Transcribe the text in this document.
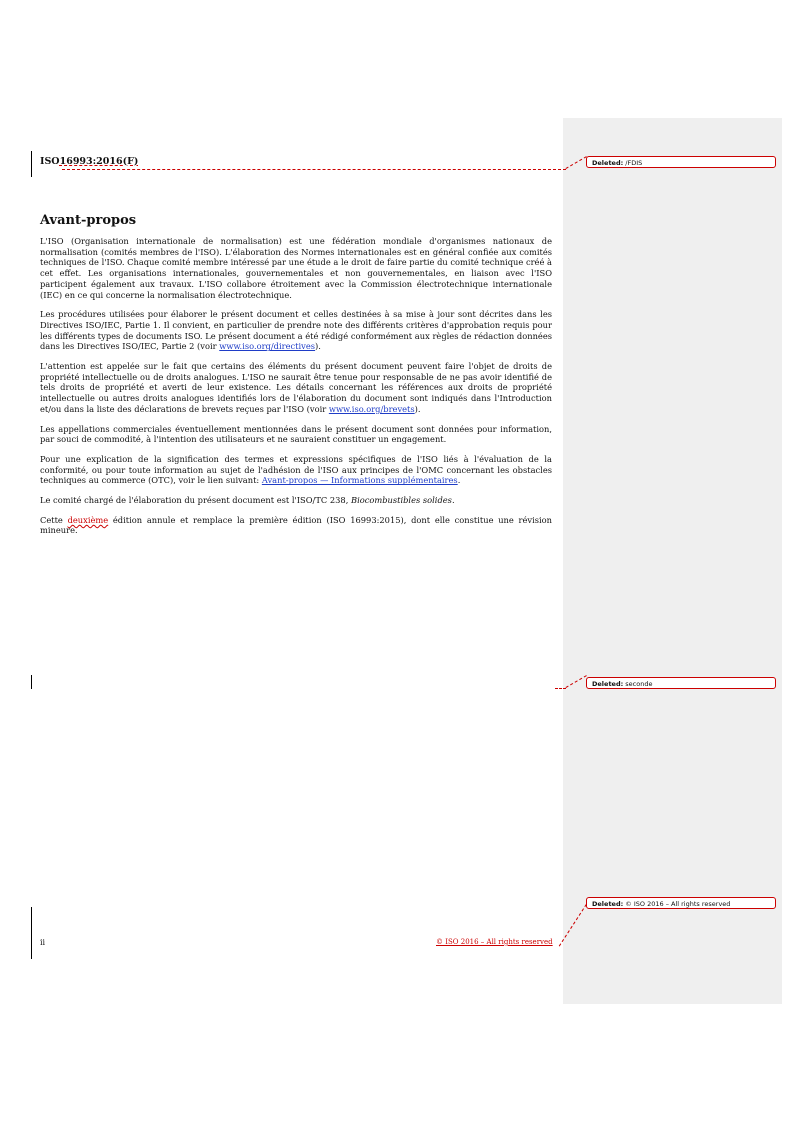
ISO16993:2016(F)	Deleted: /FDIS
Avant-propos

L'ISO (Organisation internationale de normalisation) est une fédération mondiale d'organismes nationaux de normalisation (comités membres de l'ISO). L'élaboration des Normes internationales est en général confiée aux comités techniques de l'ISO. Chaque comité membre intéressé par une étude a le droit de faire partie du comité technique créé à cet effet. Les organisations internationales, gouvernementales et non gouvernementales, en liaison avec l'ISO participent également aux travaux. L'ISO collabore étroitement avec la Commission électrotechnique internationale (IEC) en ce qui concerne la normalisation électrotechnique.

Les procédures utilisées pour élaborer le présent document et celles destinées à sa mise à jour sont décrites dans les Directives ISO/IEC, Partie 1. Il convient, en particulier de prendre note des différents critères d'approbation requis pour les différents types de documents ISO. Le présent document a été rédigé conformément aux règles de rédaction données dans les Directives ISO/IEC, Partie 2 (voir www.iso.org/directives).

L'attention est appelée sur le fait que certains des éléments du présent document peuvent faire l'objet de droits de propriété intellectuelle ou de droits analogues. L'ISO ne saurait être tenue pour responsable de ne pas avoir identifié de tels droits de propriété et averti de leur existence. Les détails concernant les références aux droits de propriété intellectuelle ou autres droits analogues identifiés lors de l'élaboration du document sont indiqués dans l'Introduction et/ou dans la liste des déclarations de brevets reçues par l'ISO (voir www.iso.org/brevets).

Les appellations commerciales éventuellement mentionnées dans le présent document sont données pour information, par souci de commodité, à l'intention des utilisateurs et ne sauraient constituer un engagement.

Pour une explication de la signification des termes et expressions spécifiques de l'ISO liés à l'évaluation de la conformité, ou pour toute information au sujet de l'adhésion de l'ISO aux principes de l'OMC concernant les obstacles techniques au commerce (OTC), voir le lien suivant: Avant-propos — Informations supplémentaires.

Le comité chargé de l'élaboration du présent document est l'ISO/TC 238, Biocombustibles solides.

Cette deuxième édition annule et remplace la première édition (ISO 16993:2015), dont elle constitue une révision mineure.

Deleted: seconde
Deleted: © ISO 2016 – All rights reserved
ii	© ISO 2016 – All rights reserved
